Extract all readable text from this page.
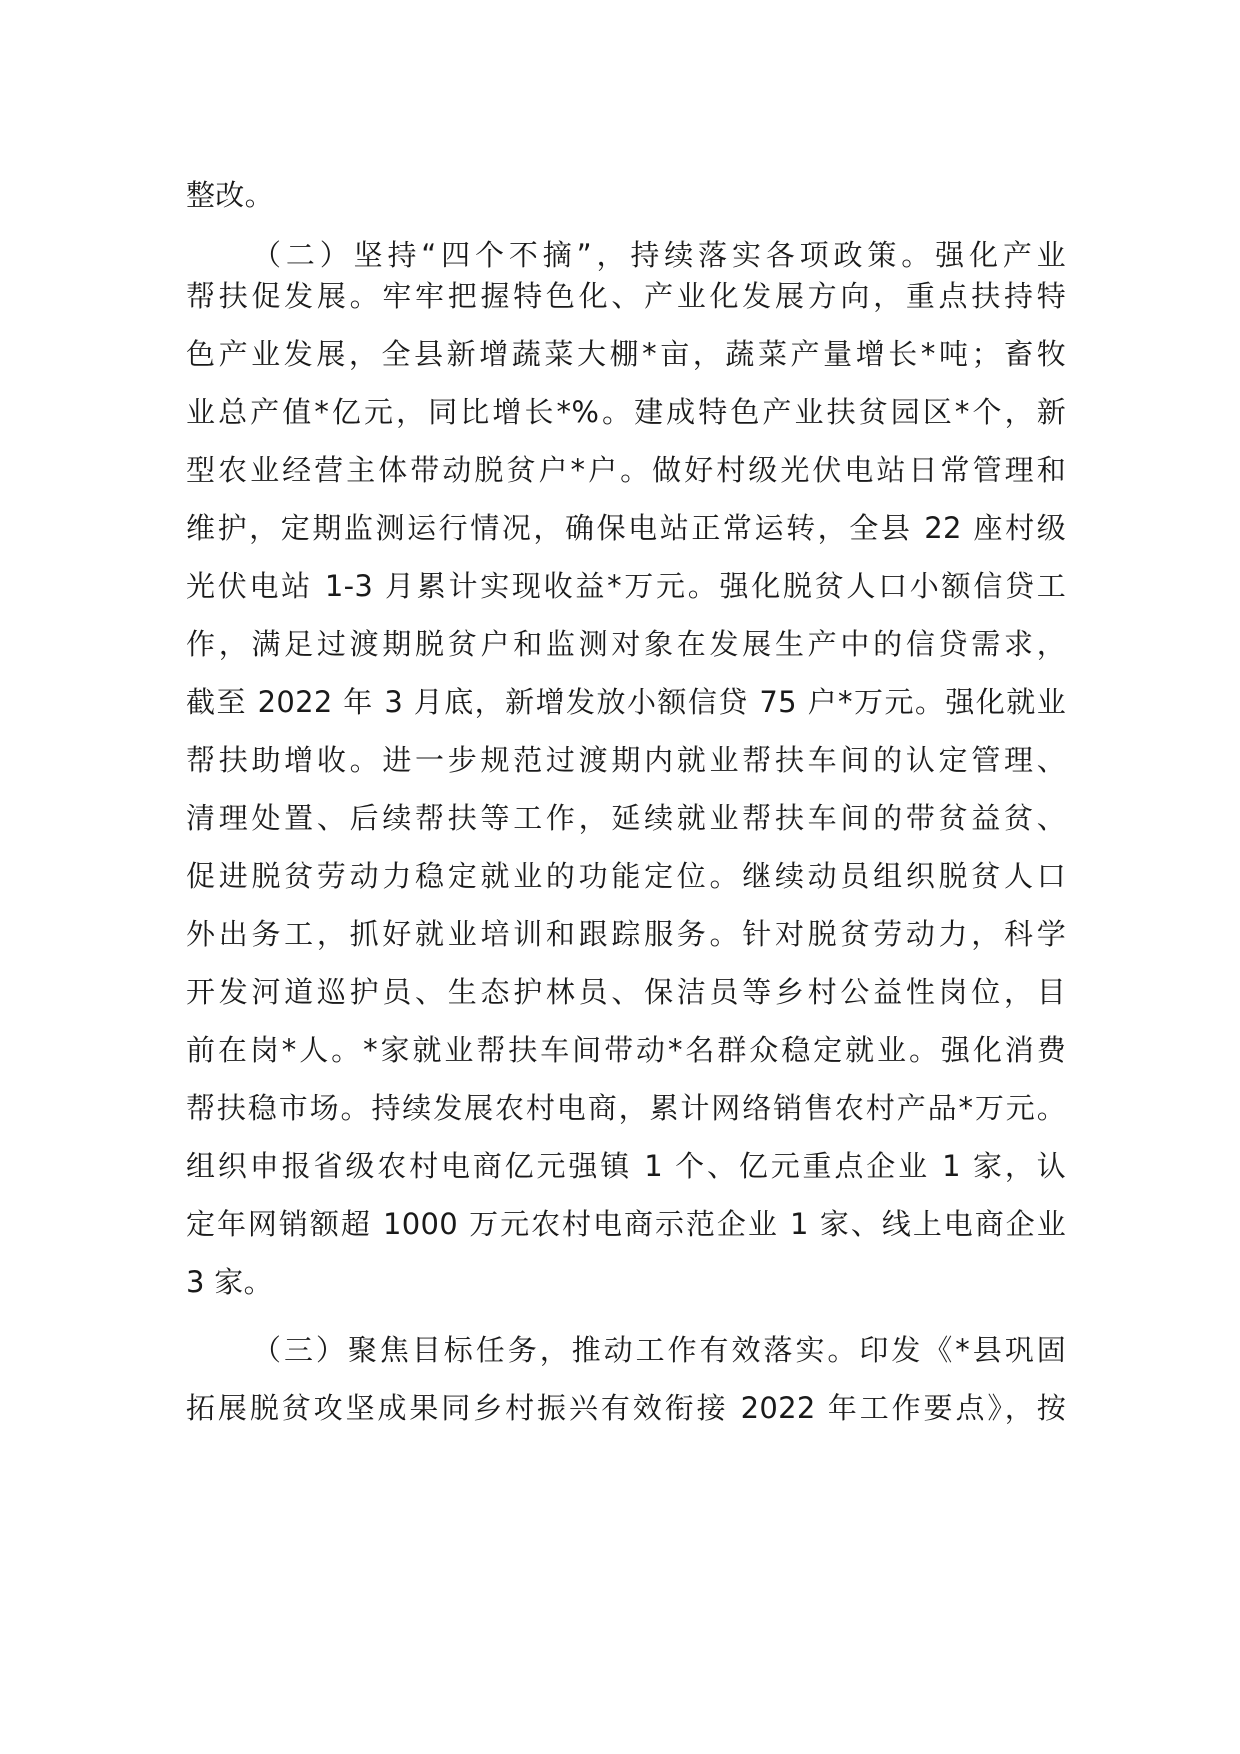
整改。
（二）坚持“四个不摘”，持续落实各项政策。强化产业
帮扶促发展。牢牢把握特色化、产业化发展方向，重点扶持特
色产业发展，全县新增蔬菜大棚*亩，蔬菜产量增长*吨；畜牧
业总产值*亿元，同比增长*%。建成特色产业扶贫园区*个，新
型农业经营主体带动脱贫户*户。做好村级光伏电站日常管理和
维护，定期监测运行情况，确保电站正常运转，全县 22 座村级
光伏电站 1-3 月累计实现收益*万元。强化脱贫人口小额信贷工
作，满足过渡期脱贫户和监测对象在发展生产中的信贷需求，
截至 2022 年 3 月底，新增发放小额信贷 75 户*万元。强化就业
帮扶助增收。进一步规范过渡期内就业帮扶车间的认定管理、
清理处置、后续帮扶等工作，延续就业帮扶车间的带贫益贫、
促进脱贫劳动力稳定就业的功能定位。继续动员组织脱贫人口
外出务工，抓好就业培训和跟踪服务。针对脱贫劳动力，科学
开发河道巡护员、生态护林员、保洁员等乡村公益性岗位，目
前在岗*人。*家就业帮扶车间带动*名群众稳定就业。强化消费
帮扶稳市场。持续发展农村电商，累计网络销售农村产品*万元。
组织申报省级农村电商亿元强镇 1 个、亿元重点企业 1 家，认
定年网销额超 1000 万元农村电商示范企业 1 家、线上电商企业
3 家。
（三）聚焦目标任务，推动工作有效落实。印发《*县巩固
拓展脱贫攻坚成果同乡村振兴有效衔接 2022 年工作要点》，按
